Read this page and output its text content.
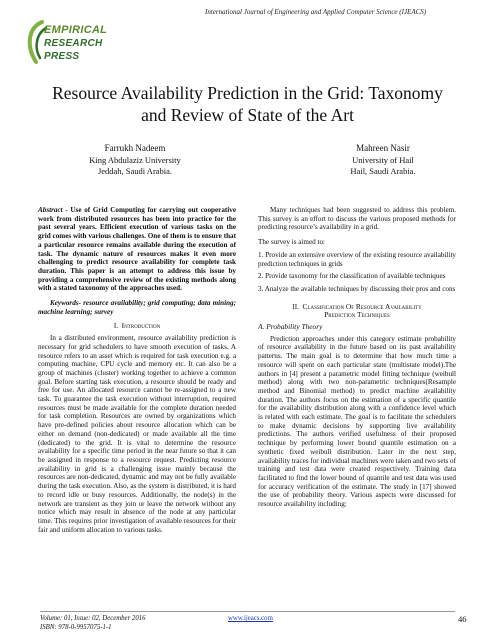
EMPIRICAL
RESEARCH
PRESS
International Journal of Engineering and Applied Computer Science (IJEACS)
Resource Availability Prediction in the Grid: Taxonomy and Review of State of the Art
Farrukh Nadeem
King Abdulaziz University
Jeddah, Saudi Arabia.
Mahreen Nasir
University of Hail
Hail, Saudi Arabia.

Abstract - Use of Grid Computing for carrying out cooperative work from distributed resources has been into practice for the past several years. Efficient execution of various tasks on the grid comes with various challenges. One of them is to ensure that a particular resource remains available during the execution of task. The dynamic nature of resources makes it even more challenging to predict resource availability for complete task duration. This paper is an attempt to address this issue by providing a comprehensive review of the existing methods along with a stated taxonomy of the approaches used.

Keywords- resource availability; grid computing; data mining; machine learning; survey

I. Introduction

In a distributed environment, resource availability prediction is necessary for grid schedulers to have smooth execution of tasks. A resource refers to an asset which is required for task execution e.g. a computing machine, CPU cycle and memory etc. It can also be a group of machines (cluster) working together to achieve a common goal. Before starting task execution, a resource should be ready and free for use. An allocated resource cannot be re-assigned to a new task. To guarantee the task execution without interruption, required resources must be made available for the complete duration needed for task completion. Resources are owned by organizations which have pre-defined policies about resource allocation which can be either on demand (non-dedicated) or made available all the time (dedicated) to the grid. It is vital to determine the resource availability for a specific time period in the near future so that it can be assigned in response to a resource request. Predicting resource availability in grid is a challenging issue mainly because the resources are non-dedicated, dynamic and may not be fully available during the task execution. Also, as the system is distributed, it is hard to record idle or busy resources. Additionally, the node(s) in the network are transient as they join or leave the network without any notice which may result in absence of the node at any particular time. This requires prior investigation of available resources for their fair and uniform allocation to various tasks.

Many techniques had been suggested to address this problem. This survey is an effort to discuss the various proposed methods for predicting resource’s availability in a grid.

The survey is aimed to:

1. Provide an extensive overview of the existing resource availability prediction techniques in grids

2. Provide taxonomy for the classification of available techniques

3. Analyze the available techniques by discussing their pros and cons

II. Classification Of Resource Availability
Prediction Techniques
A. Probability Theory

Prediction approaches under this category estimate probability of resource availability in the future based on its past availability patterns. The main goal is to determine that how much time a resource will spent on each particular state (multistate model).The authors in [4] present a parametric model fitting technique (weibull method) along with two non-parametric techniques(Resample method and Binomial method) to predict machine availability duration. The authors focus on the estimation of a specific quantile for the availability distribution along with a confidence level which is related with each estimate. The goal is to facilitate the schedulers to make dynamic decisions by supporting live availability predictions. The authors verified usefulness of their proposed technique by performing lower bound quantile estimation on a synthetic fixed weibull distribution. Later in the next step, availability traces for individual machines were taken and two sets of training and test data were created respectively. Training data facilitated to find the lower bound of quantile and test data was used for accuracy verification of the estimate. The study in [17] showed the use of probability theory. Various aspects were discussed for resource availability including:

Volume: 01, Issue: 02, December 2016
ISBN: 978-0-9957075-1-1
www.ijeacs.com	46
